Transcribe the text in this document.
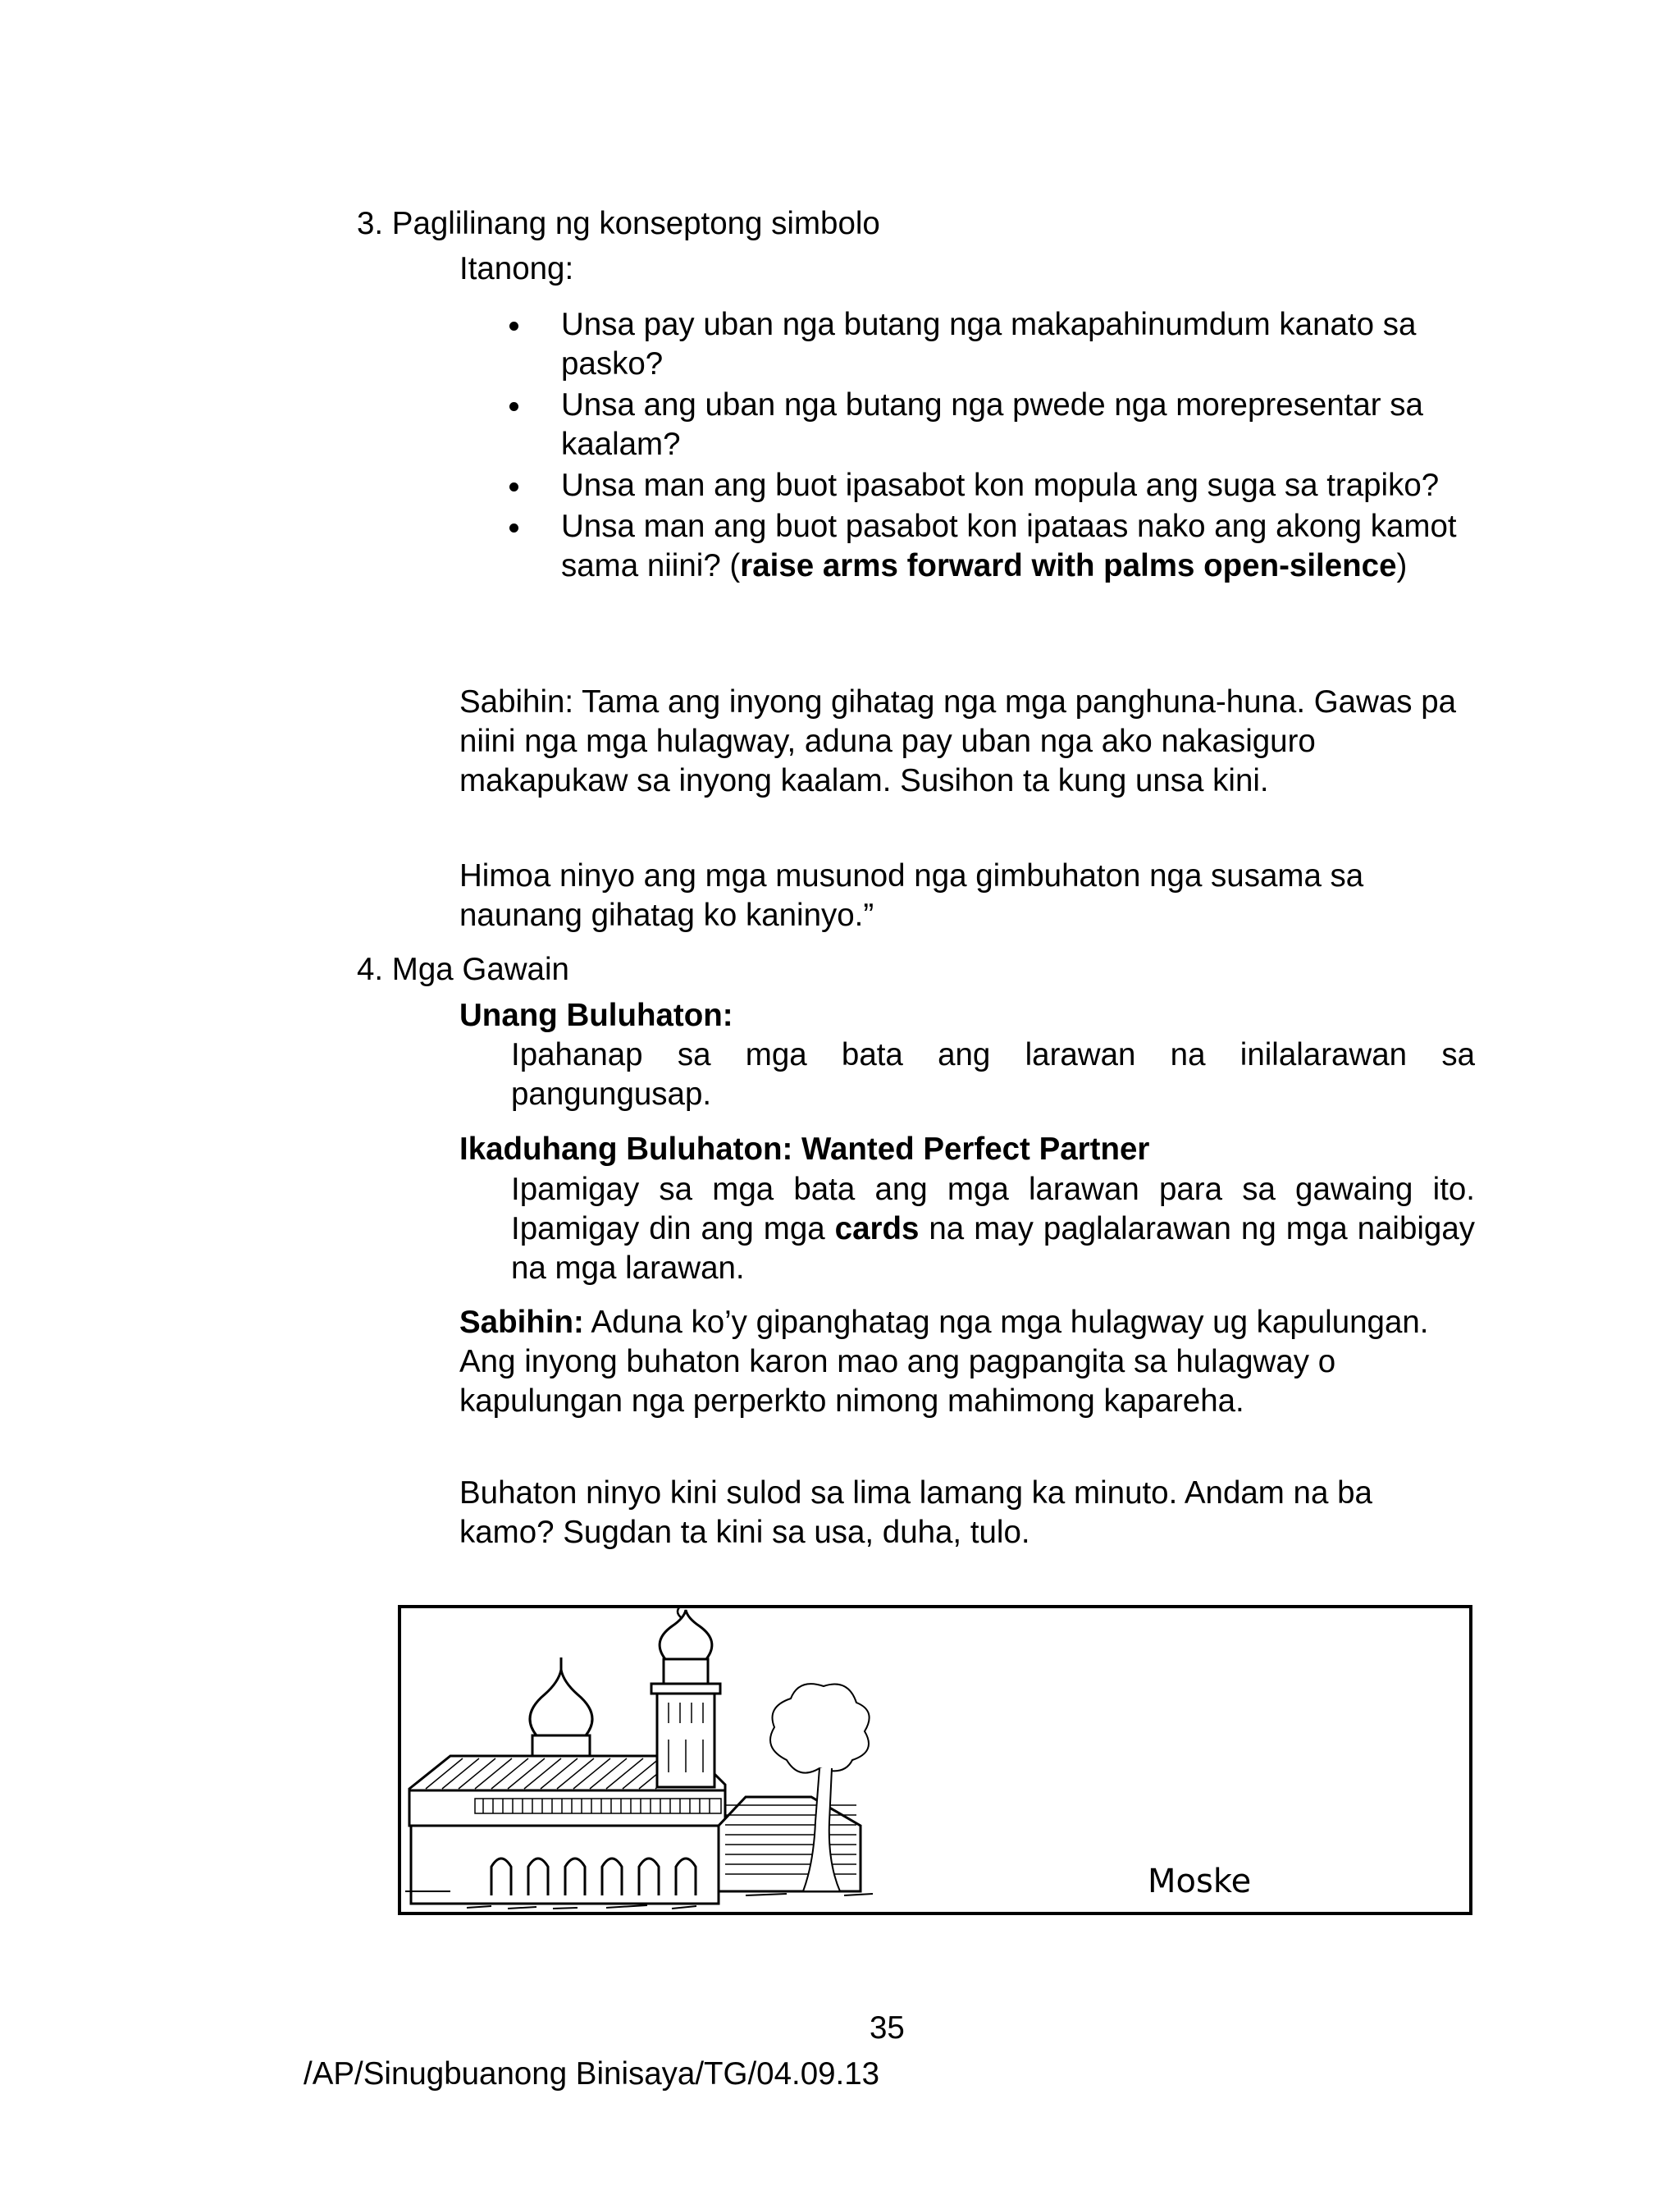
3. Paglilinang ng konseptong simbolo

Itanong:

Unsa pay uban nga butang nga makapahinumdum kanato sa pasko?
Unsa ang uban nga butang nga pwede nga morepresentar sa kaalam?
Unsa man ang buot ipasabot kon mopula ang suga sa trapiko?
Unsa man ang buot pasabot kon ipataas nako ang akong kamot sama niini? (raise arms forward with palms open-silence)

Sabihin: Tama ang inyong gihatag nga mga panghuna-huna. Gawas pa niini nga mga hulagway, aduna pay uban nga ako nakasiguro makapukaw sa inyong kaalam. Susihon ta kung unsa kini.

Himoa ninyo ang mga musunod nga gimbuhaton nga susama sa naunang gihatag ko kaninyo.”

4. Mga Gawain

Unang Buluhaton:

Ipahanap sa mga bata ang larawan na inilalarawan sa pangungusap.

Ikaduhang Buluhaton: Wanted Perfect Partner

Ipamigay sa mga bata ang mga larawan para sa gawaing ito. Ipamigay din ang mga cards na may paglalarawan ng mga naibigay na mga larawan.

Sabihin: Aduna ko’y gipanghatag nga mga hulagway ug kapulungan. Ang inyong buhaton karon mao ang pagpangita sa hulagway o kapulungan nga perperkto nimong mahimong kapareha.

Buhaton ninyo kini sulod sa lima lamang ka minuto. Andam na ba kamo? Sugdan ta kini sa usa, duha, tulo.

Moske

35

/AP/Sinugbuanong Binisaya/TG/04.09.13
